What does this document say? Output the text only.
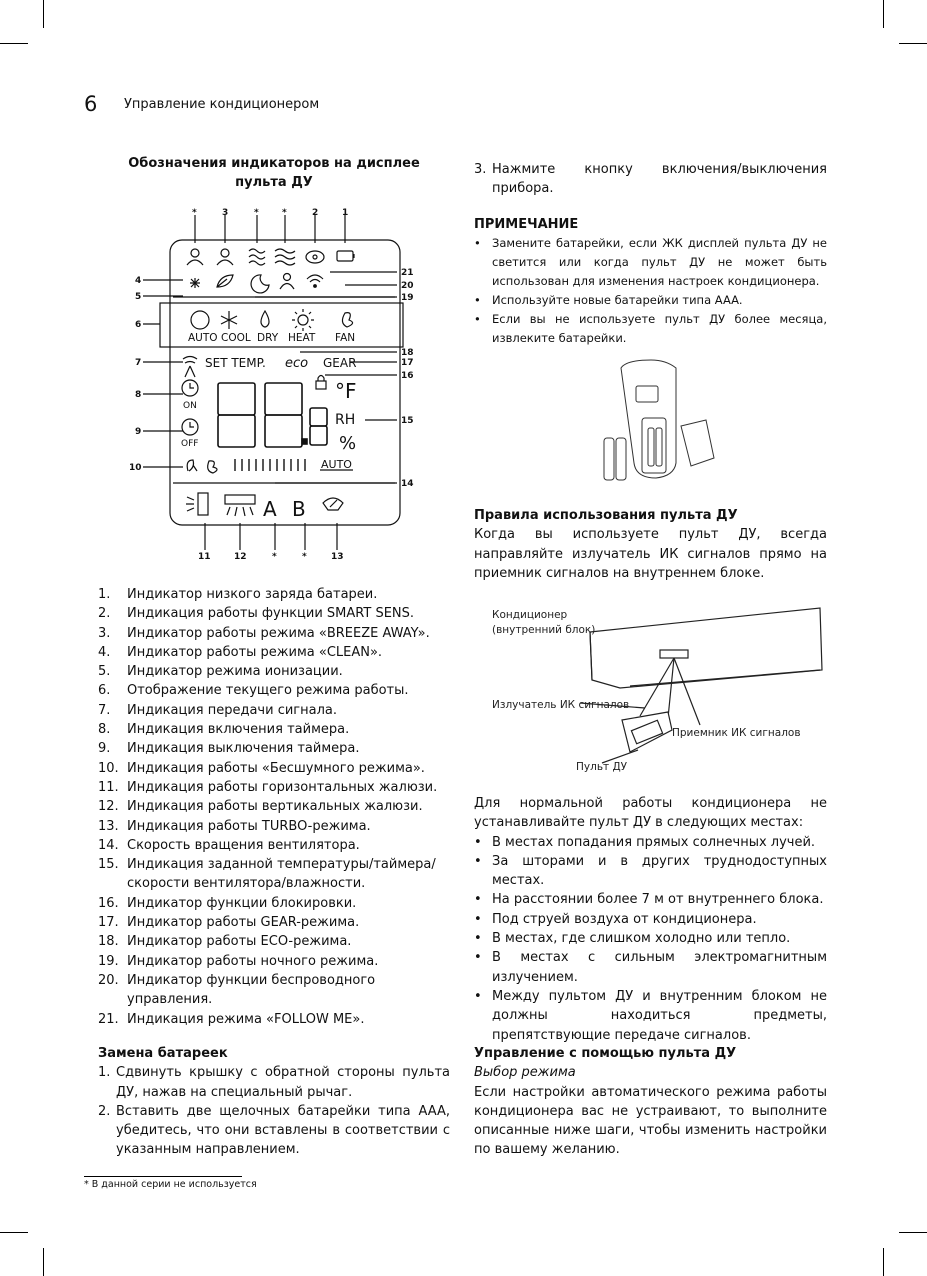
6 Управление кондиционером
Обозначения индикаторов на дисплее
пульта ДУ
AUTO COOL DRY HEAT FAN
SET TEMP. eco GEAR
°F
RH
%
ON
OFF
AUTO
A B
*	3	*	*	2	1
11	12	*	*	13
4
5
6
7
8
9
10
21
20
19
18
17
16
15
14
1.	Индикатор низкого заряда батареи.
2.	Индикация работы функции SMART SENS.
3.	Индикатор работы режима «BREEZE AWAY».
4.	Индикатор работы режима «CLEAN».
5.	Индикатор режима ионизации.
6.	Отображение текущего режима работы.
7.	Индикация передачи сигнала.
8.	Индикация включения таймера.
9.	Индикация выключения таймера.
10. Индикация работы «Бесшумного режима».
11. Индикация работы горизонтальных жалюзи.
12. Индикация работы вертикальных жалюзи.
13. Индикация работы TURBO-режима.
14. Скорость вращения вентилятора.
15. Индикация заданной температуры/таймера/ скорости вентилятора/влажности.
16. Индикатор функции блокировки.
17. Индикатор работы GEAR-режима.
18. Индикатор работы ECO-режима.
19. Индикатор работы ночного режима.
20. Индикатор функции беспроводного управления.
21. Индикация режима «FOLLOW ME».
Замена батареек
1. Сдвинуть крышку с обратной стороны пульта ДУ, нажав на специальный рычаг.
2. Вставить две щелочных батарейки типа AAA, убедитесь, что они вставлены в соответствии с указанным направлением.
* В данной серии не используется
3. Нажмите кнопку включения/выключения прибора.
ПРИМЕЧАНИЕ
• Замените батарейки, если ЖК дисплей пульта ДУ не светится или когда пульт ДУ не может быть использован для изменения настроек кондиционера.
• Используйте новые батарейки типа AAA.
• Если вы не используете пульт ДУ более месяца, извлеките батарейки.
Правила использования пульта ДУ
Когда вы используете пульт ДУ, всегда направляйте излучатель ИК сигналов прямо на приемник сигналов на внутреннем блоке.
Кондиционер
(внутренний блок)
Излучатель ИК сигналов
Приемник ИК сигналов
Пульт ДУ
Для нормальной работы кондиционера не устанавливайте пульт ДУ в следующих местах:
• В местах попадания прямых солнечных лучей.
• За шторами и в других труднодоступных местах.
• На расстоянии более 7 м от внутреннего блока.
• Под струей воздуха от кондиционера.
• В местах, где слишком холодно или тепло.
• В местах с сильным электромагнитным излучением.
• Между пультом ДУ и внутренним блоком не должны находиться предметы, препятствующие передаче сигналов.
Управление с помощью пульта ДУ
Выбор режима
Если настройки автоматического режима работы кондиционера вас не устраивают, то выполните описанные ниже шаги, чтобы изменить настройки по вашему желанию.
